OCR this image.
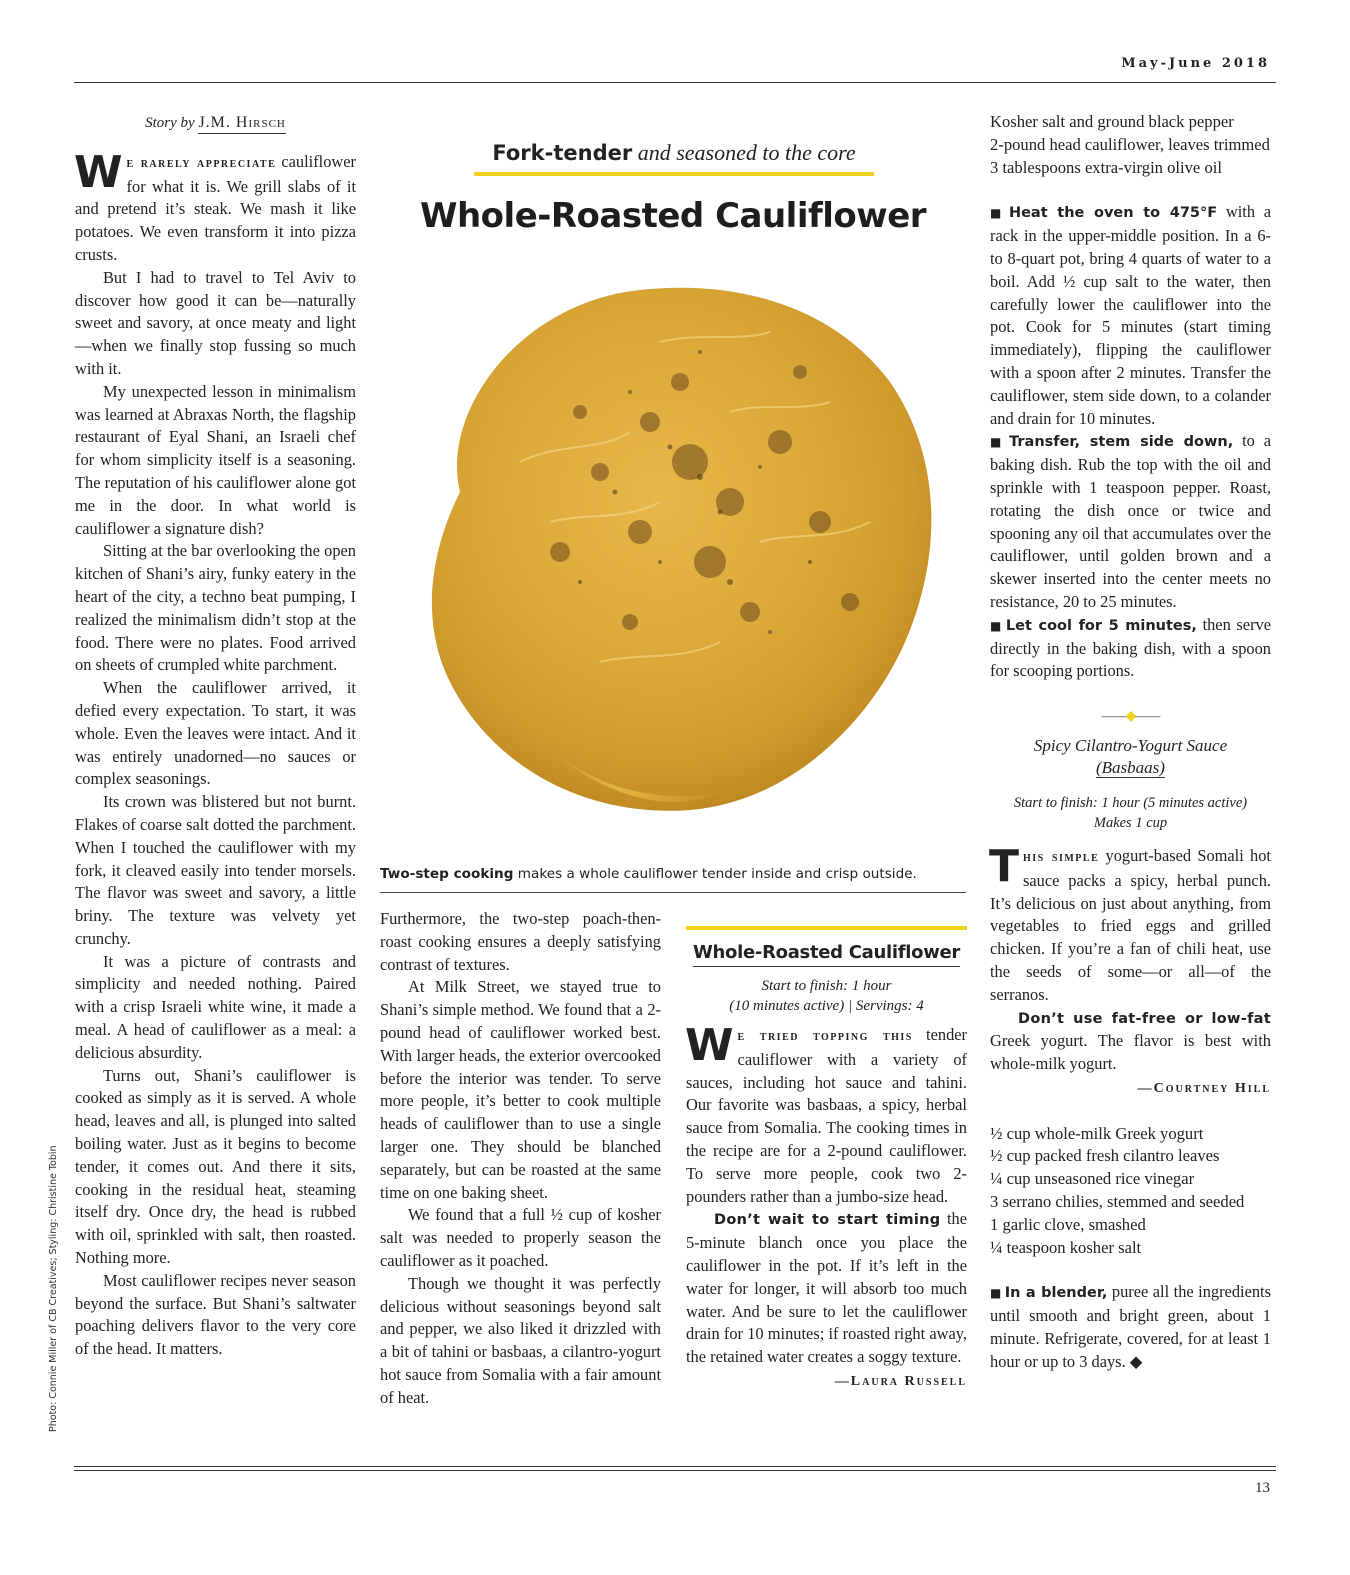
May-June 2018
Story by J.M. Hirsch

We rarely appreciate cauliflower for what it is. We grill slabs of it and pretend it’s steak. We mash it like potatoes. We even transform it into pizza crusts.

But I had to travel to Tel Aviv to discover how good it can be—naturally sweet and savory, at once meaty and light—when we finally stop fussing so much with it.

My unexpected lesson in minimalism was learned at Abraxas North, the flagship restaurant of Eyal Shani, an Israeli chef for whom simplicity itself is a seasoning. The reputation of his cauliflower alone got me in the door. In what world is cauliflower a signature dish?

Sitting at the bar overlooking the open kitchen of Shani’s airy, funky eatery in the heart of the city, a techno beat pumping, I realized the minimalism didn’t stop at the food. There were no plates. Food arrived on sheets of crumpled white parchment.

When the cauliflower arrived, it defied every expectation. To start, it was whole. Even the leaves were intact. And it was entirely unadorned—no sauces or complex seasonings.

Its crown was blistered but not burnt. Flakes of coarse salt dotted the parchment. When I touched the cauliflower with my fork, it cleaved easily into tender morsels. The flavor was sweet and savory, a little briny. The texture was velvety yet crunchy.

It was a picture of contrasts and simplicity and needed nothing. Paired with a crisp Israeli white wine, it made a meal. A head of cauliflower as a meal: a delicious absurdity.

Turns out, Shani’s cauliflower is cooked as simply as it is served. A whole head, leaves and all, is plunged into salted boiling water. Just as it begins to become tender, it comes out. And there it sits, cooking in the residual heat, steaming itself dry. Once dry, the head is rubbed with oil, sprinkled with salt, then roasted. Nothing more.

Most cauliflower recipes never season beyond the surface. But Shani’s saltwater poaching delivers flavor to the very core of the head. It matters.

Photo: Connie Miller of CB Creatives; Styling: Christine Tobin
Fork-tender and seasoned to the core
Whole-Roasted Cauliflower
Two-step cooking makes a whole cauliflower tender inside and crisp outside.

Furthermore, the two-step poach-then-roast cooking ensures a deeply satisfying contrast of textures.

At Milk Street, we stayed true to Shani’s simple method. We found that a 2-pound head of cauliflower worked best. With larger heads, the exterior overcooked before the interior was tender. To serve more people, it’s better to cook multiple heads of cauliflower than to use a single larger one. They should be blanched separately, but can be roasted at the same time on one baking sheet.

We found that a full ½ cup of kosher salt was needed to properly season the cauliflower as it poached.

Though we thought it was perfectly delicious without seasonings beyond salt and pepper, we also liked it drizzled with a bit of tahini or basbaas, a cilantro-yogurt hot sauce from Somalia with a fair amount of heat.

Whole-Roasted Cauliflower
Start to finish: 1 hour
(10 minutes active) | Servings: 4

We tried topping this tender cauliflower with a variety of sauces, including hot sauce and tahini. Our favorite was basbaas, a spicy, herbal sauce from Somalia. The cooking times in the recipe are for a 2-pound cauliflower. To serve more people, cook two 2-pounders rather than a jumbo-size head.

Don’t wait to start timing the 5-minute blanch once you place the cauliflower in the pot. If it’s left in the water for longer, it will absorb too much water. And be sure to let the cauliflower drain for 10 minutes; if roasted right away, the retained water creates a soggy texture.

—Laura Russell
Kosher salt and ground black pepper
2-pound head cauliflower, leaves trimmed
3 tablespoons extra-virgin olive oil

■ Heat the oven to 475°F with a rack in the upper-middle position. In a 6- to 8-quart pot, bring 4 quarts of water to a boil. Add ½ cup salt to the water, then carefully lower the cauliflower into the pot. Cook for 5 minutes (start timing immediately), flipping the cauliflower with a spoon after 2 minutes. Transfer the cauliflower, stem side down, to a colander and drain for 10 minutes.

■ Transfer, stem side down, to a baking dish. Rub the top with the oil and sprinkle with 1 teaspoon pepper. Roast, rotating the dish once or twice and spooning any oil that accumulates over the cauliflower, until golden brown and a skewer inserted into the center meets no resistance, 20 to 25 minutes.

■ Let cool for 5 minutes, then serve directly in the baking dish, with a spoon for scooping portions.

——◆——
Spicy Cilantro-Yogurt Sauce
(Basbaas)
Start to finish: 1 hour (5 minutes active)
Makes 1 cup

This simple yogurt-based Somali hot sauce packs a spicy, herbal punch. It’s delicious on just about anything, from vegetables to fried eggs and grilled chicken. If you’re a fan of chili heat, use the seeds of some—or all—of the serranos.

Don’t use fat-free or low-fat Greek yogurt. The flavor is best with whole-milk yogurt.

—Courtney Hill
½ cup whole-milk Greek yogurt
½ cup packed fresh cilantro leaves
¼ cup unseasoned rice vinegar
3 serrano chilies, stemmed and seeded
1 garlic clove, smashed
¼ teaspoon kosher salt

■ In a blender, puree all the ingredients until smooth and bright green, about 1 minute. Refrigerate, covered, for at least 1 hour or up to 3 days. ◆

13
